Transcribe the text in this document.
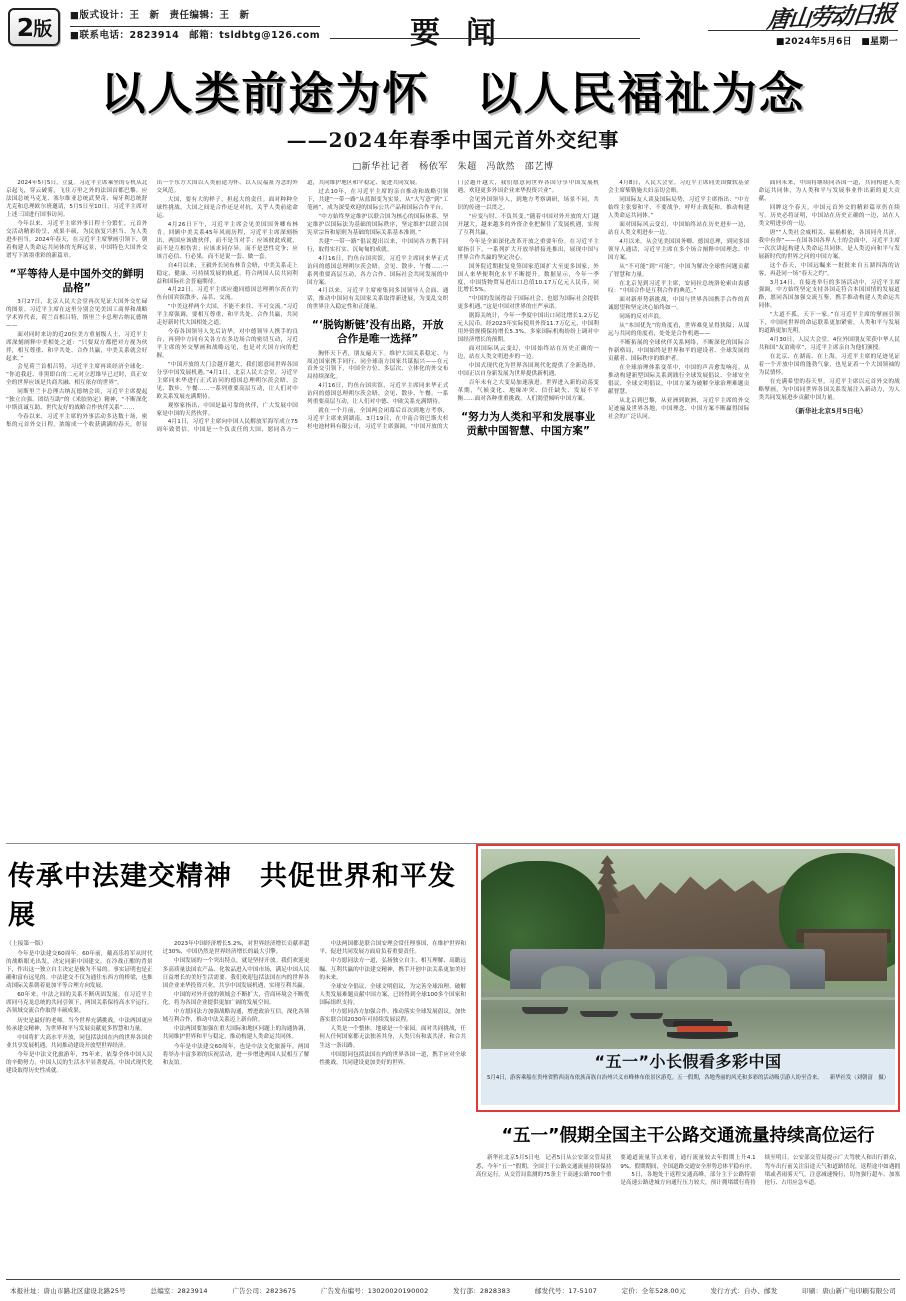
2 版
■版式设计：王　新　责任编辑：王　新
■联系电话：2823914　邮箱：tsldbtg@126.com	要闻	唐山劳动日报
■2024年5月6日　■星期一
以人类前途为怀　以人民福祉为念
——2024年春季中国元首外交纪事
□新华社记者　杨依军　朱超　冯歆然　邵艺博

2024年5月5日，立夏。习近平主席乘坐的专机从北京起飞，穿云破雾，飞往万里之外的法国首都巴黎。应法国总统马克龙、塞尔维亚总统武契奇、匈牙利总统舒尤克和总理欧尔班邀请，5月5日至10日，习近平主席对上述三国进行国事访问。

今年以来，习近平主席外事日程十分繁忙，元首外交活动精彩纷呈，成果丰硕，为民族复兴担当、为人类进步担当。2024年春天，在习近平主席擘画引领下，朝着构建人类命运共同体的光辉远景，中国特色大国外交谱写下浓墨重彩的新篇章。

“平等待人是中国外交的鲜明品格”

3月27日，北京人民大会堂再次见证大国外交忙碌的图景。习近平主席在这里分别会见美国工商界和战略学术界代表，荷兰首相吕特，斯里兰卡总理古纳瓦德纳——

面对同时来访的近20位美方重量级人士，习近平主席深刻阐释中美相处之道：“只要双方都把对方视为伙伴，相互尊重、和平共处、合作共赢，中美关系就会好起来。”

会见荷兰首相吕特，习近平主席再谈经济全球化：“你追我赶、非黑即白的二元对立思维早已过时，真正安全的世界应该是共商共融、相互依存的世界”。

同斯里兰卡总理古纳瓦德纳会谈，习近平主席提起“独立自强、团结互助”的《米胶协定》精神，“不断深化中斯真诚互助、世代友好的战略合作伙伴关系”……

今春以来，习近平主席的外事活动多达数十场，密集的元首外交日程，浓缩成一个收获满满的春天，彰显出一个东方大国以人类前途为怀、以人民福祉为念的外交风范。

大国，要有大的样子，担起大的责任。面对种种全球性挑战，大国之间是合作还是对抗，关乎人类前途命运。

4月26日下午，习近平主席会见美国国务卿布林肯。回顾中美关系45年风雨历程，习近平主席深刻指出，两国应该做伙伴，而不是当对手；应该彼此成就，而不是互相伤害；应该求同存异，而不是恶性竞争；应该言必信、行必果，而不是说一套、做一套。

自4月以来，王毅外长同布林肯会晤，中美关系走上稳定、健康、可持续发展的轨道，符合两国人民共同利益和国际社会普遍期待。

4月22日，习近平主席应邀同德国总理朔尔茨在钓鱼台国宾馆散步、品茗、交流。

“中美这样两个大国，不能不来往、不可交流。”习近平主席强调，要相互尊重、和平共处、合作共赢，共同走好新时代大国相处之道。

今春各国领导人先后访华，对中德领导人携手的良台，再到中方同有关各方在多边场合的密切互动，习近平主席的外交擘画和战略远见，也是对大国方向的把握。

“中国开放的大门会越开越大，我们愿意同世界各国分享中国发展机遇。”4月1日，北京人民大会堂，习近平主席同来华进行正式访问的德国总理朔尔茨会晤、会见、散步、午餐……一系列重要高层互动，让人们对中欧关系发展充满期待。

观察家指出，中国是最可靠的伙伴，广大发展中国家是中国的天然伙伴。

4月1日，习近平主席向中国人民解放军海军成立75周年致贺信。中国是一个负责任的大国，愿同各方一道，共同维护地区和平稳定、促进共同发展。

过去10年，在习近平主席的亲自推动和战略引领下，共建“一带一路”从蓝图变为实景，从“大写意”到“工笔画”，成为深受欢迎的国际公共产品和国际合作平台。

“中方始终坚定维护以联合国为核心的国际体系，坚定维护以国际法为基础的国际秩序，坚定维护以联合国宪章宗旨和原则为基础的国际关系基本准则。”

共建“一带一路”倡议提出以来，中国同各方携手同行，取得实打实、沉甸甸的成就。

4月16日，钓鱼台国宾馆。习近平主席同来华正式访问的德国总理朔尔茨会晤。会见、散步、午餐……一系列重要高层互动，各方合作、国际社会共同发展的中国方案。

4月以来，习近平主席密集同多国领导人会面、通话，推动中国同有关国家关系取得新进展，为变乱交织的世界注入稳定性和正能量。

“‘脱钩断链’没有出路，开放合作是唯一选择”

胸怀天下者，朋友遍天下。维护大国关系稳定、与周边国家携手同行、同全球南方国家共谋振兴——在元首外交引领下，中国全方位、多层次、立体化的外交布局持续深化。

4月16日，钓鱼台国宾馆，习近平主席同来华正式访问的德国总理朔尔茨会晤、会见、散步、午餐。一系列重要高层互动，让人们对中德、中欧关系充满期待。

就在一个月前，全国两会闭幕后首次到地方考察，习近平主席来到湖南。3月19日，在中南合资巴斯夫杉杉电池材料有限公司，习近平主席强调，“中国开放的大门会越开越大，我们愿意同世界各国分享中国发展机遇，欢迎更多外国企业来华投资兴业”。

会见外国领导人，到地方考察调研，场景不同，共识的传递一以贯之。

“应变与时、不负其变。”随着中国对外开放的大门越开越大，越来越多的外资企业把握住了发展机遇，实现了互利共赢。

今年是全面深化改革开放之重要年份。在习近平主席指引下，一系列扩大开放举措接连推出，展现中国与世界合作共赢的坚定决心。

国务院近期批复免签国家范围扩大至更多国家，外国人来华便利化水平不断提升。数据显示，今年一季度，中国货物贸易进出口总值10.17万亿元人民币，同比增长5%。

“中国的发展得益于国际社会，也愿为国际社会提供更多机遇。”这是中国对世界的庄严承诺。

据海关统计，今年一季度中国出口同比增长1.2万亿元人民币。经2023年实际使用外资11.7万亿元，中国利用外资规模保持增长5.3%。多家国际机构纷纷上调对中国经济增长的预期。

面对国际风云变幻，中国始终站在历史正确的一边，站在人类文明进步的一边。

中国式现代化为世界各国现代化提供了全新选择，中国正以自身新发展为世界提供新机遇。

百年未有之大变局加速演进。世界进入新的动荡变革期，气候变化、地缘冲突、信任缺失、发展不平衡……面对各种重重挑战，人们渴望倾听中国方案。

“努力为人类和平和发展事业贡献中国智慧、中国方案”

4月8日，人民大会堂。习近平主席同美国微软基金会主席柴勒施夫妇亲切会晤。

同国际友人谈及国际局势，习近平主席指出：“中方始终主张要和平、不要战争，呼吁止战促和，推动构建人类命运共同体。”

面对国际风云变幻，中国始终站在历史进步一边，站在人类文明进步一边。

4月以来，从会见美国国务卿、德国总理，到同多国领导人通话，习近平主席在多个场合阐释中国理念、中国方案。

从“不可能”到“可能”，中国为解决全球性问题贡献了智慧和力量。

在北京见到习近平主席，安同拉总统洛伦索由衷感叹：“中国合作是互利合作的典范。”

面对新形势新挑战，中国与世界各国携手合作的真诚愿望和坚定决心始终如一。

同场的反对声浪。

从“本国优先”的角度看，世界难免显得狭隘；从谋远与共同的角度看，处处是合作机遇——

不断拓展的全球伙伴关系网络，不断深化的国际合作新格局，中国始终是世界和平的建设者、全球发展的贡献者、国际秩序的维护者。

在全球治理体系变革中，中国的声音愈发响亮。从推动构建新型国际关系到践行全球发展倡议、全球安全倡议、全球文明倡议，中国方案为破解全球治理难题贡献智慧。

从北京到巴黎，从亚洲到欧洲，习近平主席的外交足迹遍及世界各地，中国理念、中国方案不断赢得国际社会的广泛认同。

面向未来，中国将继续同各国一道，共同构建人类命运共同体，为人类和平与发展事业作出新的更大贡献。

回眸这个春天，中国元首外交的精彩篇章仍在续写。历史必将证明，中国站在历史正确的一边，站在人类文明进步的一边。

唐“”人类社会威相关、福祸相依，各国同舟共济，我中有你”——在国各国各界人士的会面中，习近平主席一次次讲起构建人类命运共同体，是人类迈向和平与发展新时代的世界之问的中国方案。

这个春天，中国远瞩来一批批来自五湖四海的访客，再赴同一场“春天之约”。

3月14日，在接连举行的多场活动中，习近平主席强调，中方始终坚定支持各国走符合本国国情的发展道路，愿同各国加强交流互鉴，携手推动构建人类命运共同体。

“大道不孤，天下一家。”在习近平主席的擘画引领下，中国同世界的命运联系更加紧密，人类和平与发展的道路更加光明。

4月30日，人民大会堂。4位外国朋友荣获中华人民共和国“友谊勋章”，习近平主席亲自为他们颁授。

在北京、在湖南、在上海，习近平主席的足迹见证着一个开放中国的蓬勃气象，也见证着一个大国领袖的为民情怀。

在充满希望的春天里，习近平主席以元首外交的战略擘画，为中国同世界各国关系发展注入新动力，为人类共同发展进步贡献中国力量。

（新华社北京5月5日电）

传承中法建交精神　共促世界和平发展

（上接第一版）

今年是中法建交60周年。60年前，戴高乐将军从时代的战略眼光出发，决定同新中国建交。在冷战正酣的背景下，作出这一独立自主决定是极为不易的。事实证明也是正确和富有远见的。中法建交不仅为通往东西方的桥梁，也推动国际关系朝着更加平等合理方向发展。

60年来，中法之间的关系不断巩固发展。在习近平主席同马克龙总统的共同引领下，两国关系保持高水平运行，各领域交流合作取得丰硕成果。

历史是最好的老师。当今世界充满挑战，中法两国更应传承建交精神，为世界和平与发展贡献更多智慧和力量。

中国将扩大高水平开放，同包括法国在内的世界各国企业共享发展机遇，共同推动建设开放型世界经济。

今年是中法文化旅游年，75年来，依靠全体中国人民的辛勤努力，中国人民的生活水平显著提高，中国式现代化建设取得历史性成就。

2023年中国经济增长5.2%，对世界经济增长贡献率超过30%，中国仍然是世界经济增长的最大引擎。

中国发展的一个突出特点，就是坚持开放。我们欢迎更多高质量法国农产品、化妆品进入中国市场，满足中国人民日益增长的美好生活需要。我们欢迎包括法国在内的世界各国企业来华投资兴业，共享中国发展机遇，实现互利共赢。

中国的对外开放的领域会不断扩大，营商环境会不断优化，将为各国企业提供更加广阔的发展空间。

中方愿同法方加强战略沟通，增进政治互信，深化各领域互利合作，推动中法关系迈上新台阶。

中法两国要加强在重大国际和地区问题上的沟通协调，共同维护世界和平与稳定，推动构建人类命运共同体。

今年是中法建交60周年，也是中法文化旅游年，两国将举办丰富多彩的庆祝活动，进一步增进两国人民相互了解和友谊。

中法两国都是联合国安理会常任理事国，在维护世界和平、促进共同发展方面肩负着重要责任。

中方愿同法方一道，弘扬独立自主、相互理解、高瞻远瞩、互利共赢的中法建交精神，携手开创中法关系更加美好的未来。

全球安全倡议、全球文明倡议，为完善全球治理、破解人类发展难题贡献中国方案，已经得到全球100多个国家和国际组织支持。

中方愿同各方加强合作，推动落实全球发展倡议，加快落实联合国2030年可持续发展议程。

人类是一个整体，地球是一个家园。面对共同挑战，任何人任何国家都无法独善其身，人类只有和衷共济、和合共生这一条出路。

中国愿同包括法国在内的世界各国一道，携手应对全球性挑战，共同建设更加美好的世界。	“五一”小长假看多彩中国
新华社发（刘朝富　摄）
5月4日，游客乘船在贵州省黔西南布依族苗族自治州兴义市峰林布依景区游览。五一假期，各地秀丽的风光和多彩的活动吸引游人纷至沓来。
“五一”假期全国主干公路交通流量持续高位运行

新华社北京5月5日电　记者5日从公安部交管局获悉，今年“五一”假期，全国主干公路交通流量持续保持高位运行。从交管局监测的75条主干高速公路700个重要通道流量节点来看，通行流量较去年假期上升4.19%。假期期间，全国道路交通安全形势总体平稳有序。

5日，各地处于返程交通高峰，部分主干公路特别是高速公路进城方向通行压力较大，预计拥堵缓行将持续至明日。公安部交管局提示广大驾驶人和出行群众，驾车出行前关注沿途天气和道路情况，返程途中如遇拥堵或者雨雾天气，注意减速慢行，切勿强行超车、加塞抢行、占用应急车道。

本报社址：唐山市路北区建设北路25号	总编室：2823914	广告公司：2823675	广告发布编号：13020020190002	发行部：2828383	邮发代号：17-5107	定价：全年528.00元	发行方式：自办、邮发	印刷：唐山新广电印刷有限公司
